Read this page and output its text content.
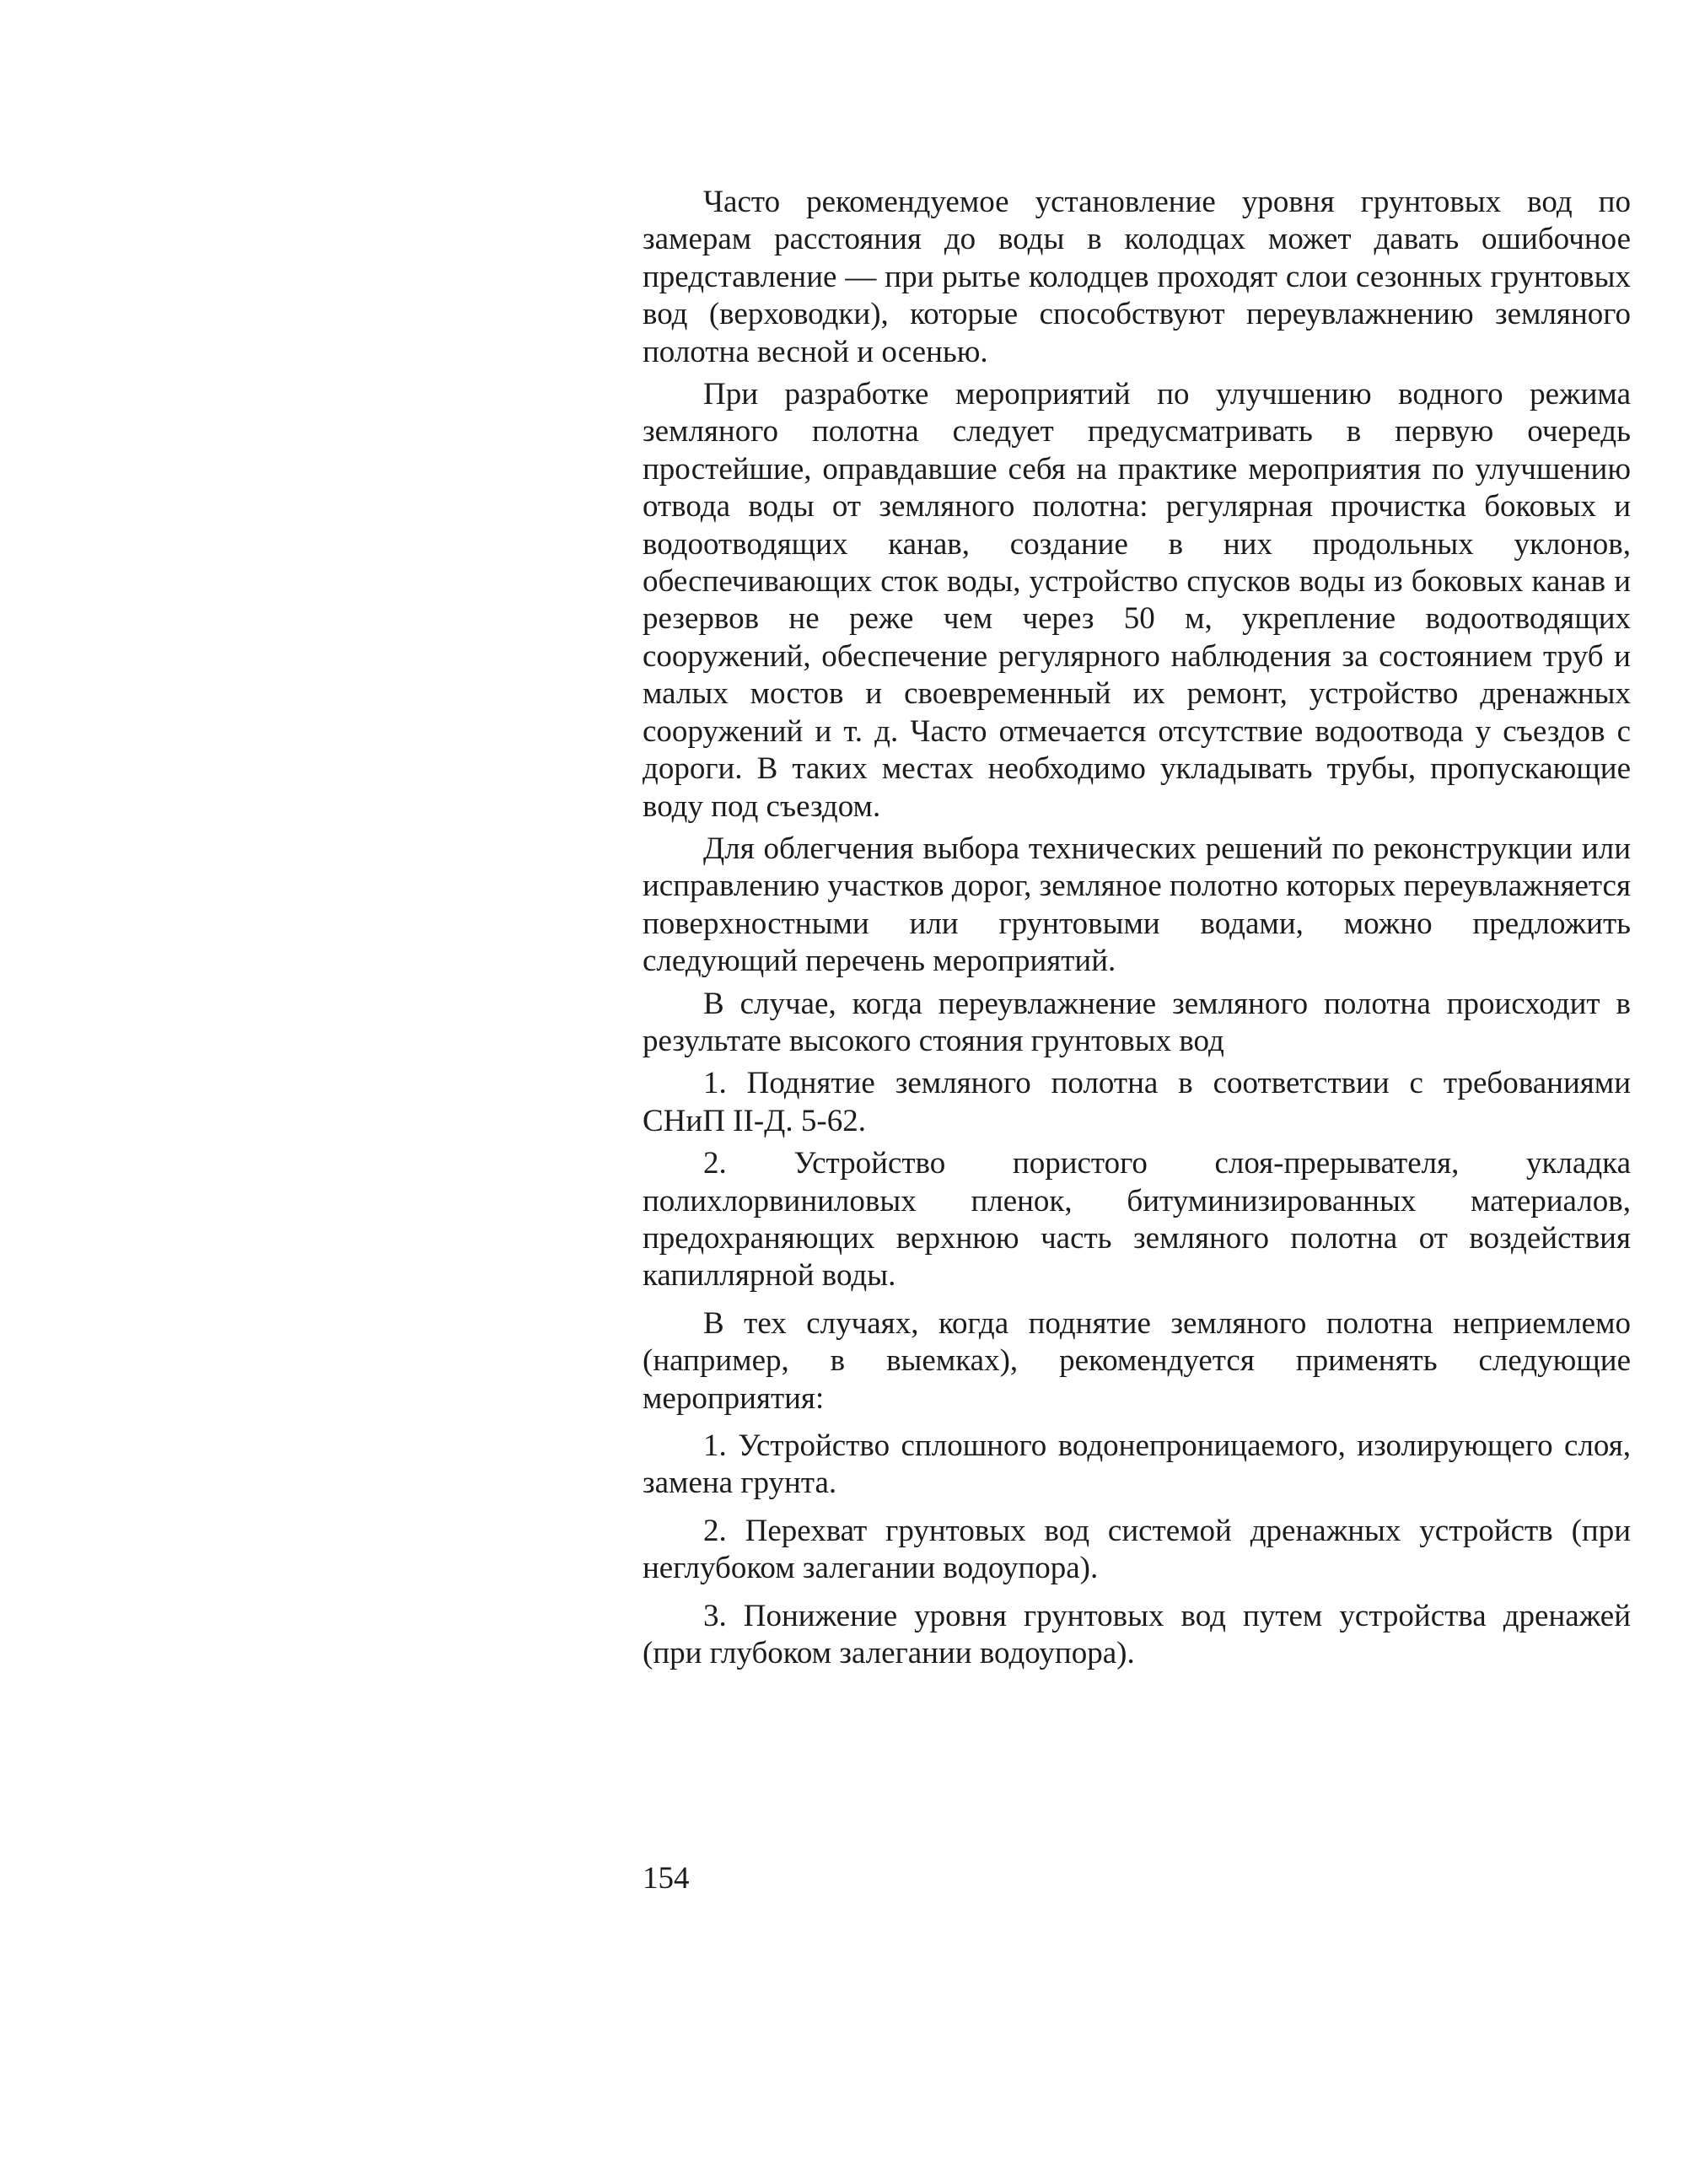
Часто рекомендуемое установление уровня грунтовых вод по замерам расстояния до воды в колодцах может давать ошибочное представление — при рытье колодцев проходят слои сезонных грунтовых вод (верховодки), которые способствуют переувлажнению земляного полотна весной и осенью.

При разработке мероприятий по улучшению водного режима земляного полотна следует предусматривать в первую очередь простейшие, оправдавшие себя на практике мероприятия по улучшению отвода воды от земляного полотна: регулярная прочистка боковых и водоотводящих канав, создание в них продольных уклонов, обеспечивающих сток воды, устройство спусков воды из боковых канав и резервов не реже чем через 50 м, укрепление водоотводящих сооружений, обеспечение регулярного наблюдения за состоянием труб и малых мостов и своевременный их ремонт, устройство дренажных сооружений и т. д. Часто отмечается отсутствие водоотвода у съездов с дороги. В таких местах необходимо укладывать трубы, пропускающие воду под съездом.

Для облегчения выбора технических решений по реконструкции или исправлению участков дорог, земляное полотно которых переувлажняется поверхностными или грунтовыми водами, можно предложить следующий перечень мероприятий.

В случае, когда переувлажнение земляного полотна происходит в результате высокого стояния грунтовых вод

1. Поднятие земляного полотна в соответствии с требованиями СНиП II-Д. 5-62.

2. Устройство пористого слоя-прерывателя, укладка полихлорвиниловых пленок, битуминизированных материалов, предохраняющих верхнюю часть земляного полотна от воздействия капиллярной воды.

В тех случаях, когда поднятие земляного полотна неприемлемо (например, в выемках), рекомендуется применять следующие мероприятия:

1. Устройство сплошного водонепроницаемого, изолирующего слоя, замена грунта.

2. Перехват грунтовых вод системой дренажных устройств (при неглубоком залегании водоупора).

3. Понижение уровня грунтовых вод путем устройства дренажей (при глубоком залегании водоупора).

154
